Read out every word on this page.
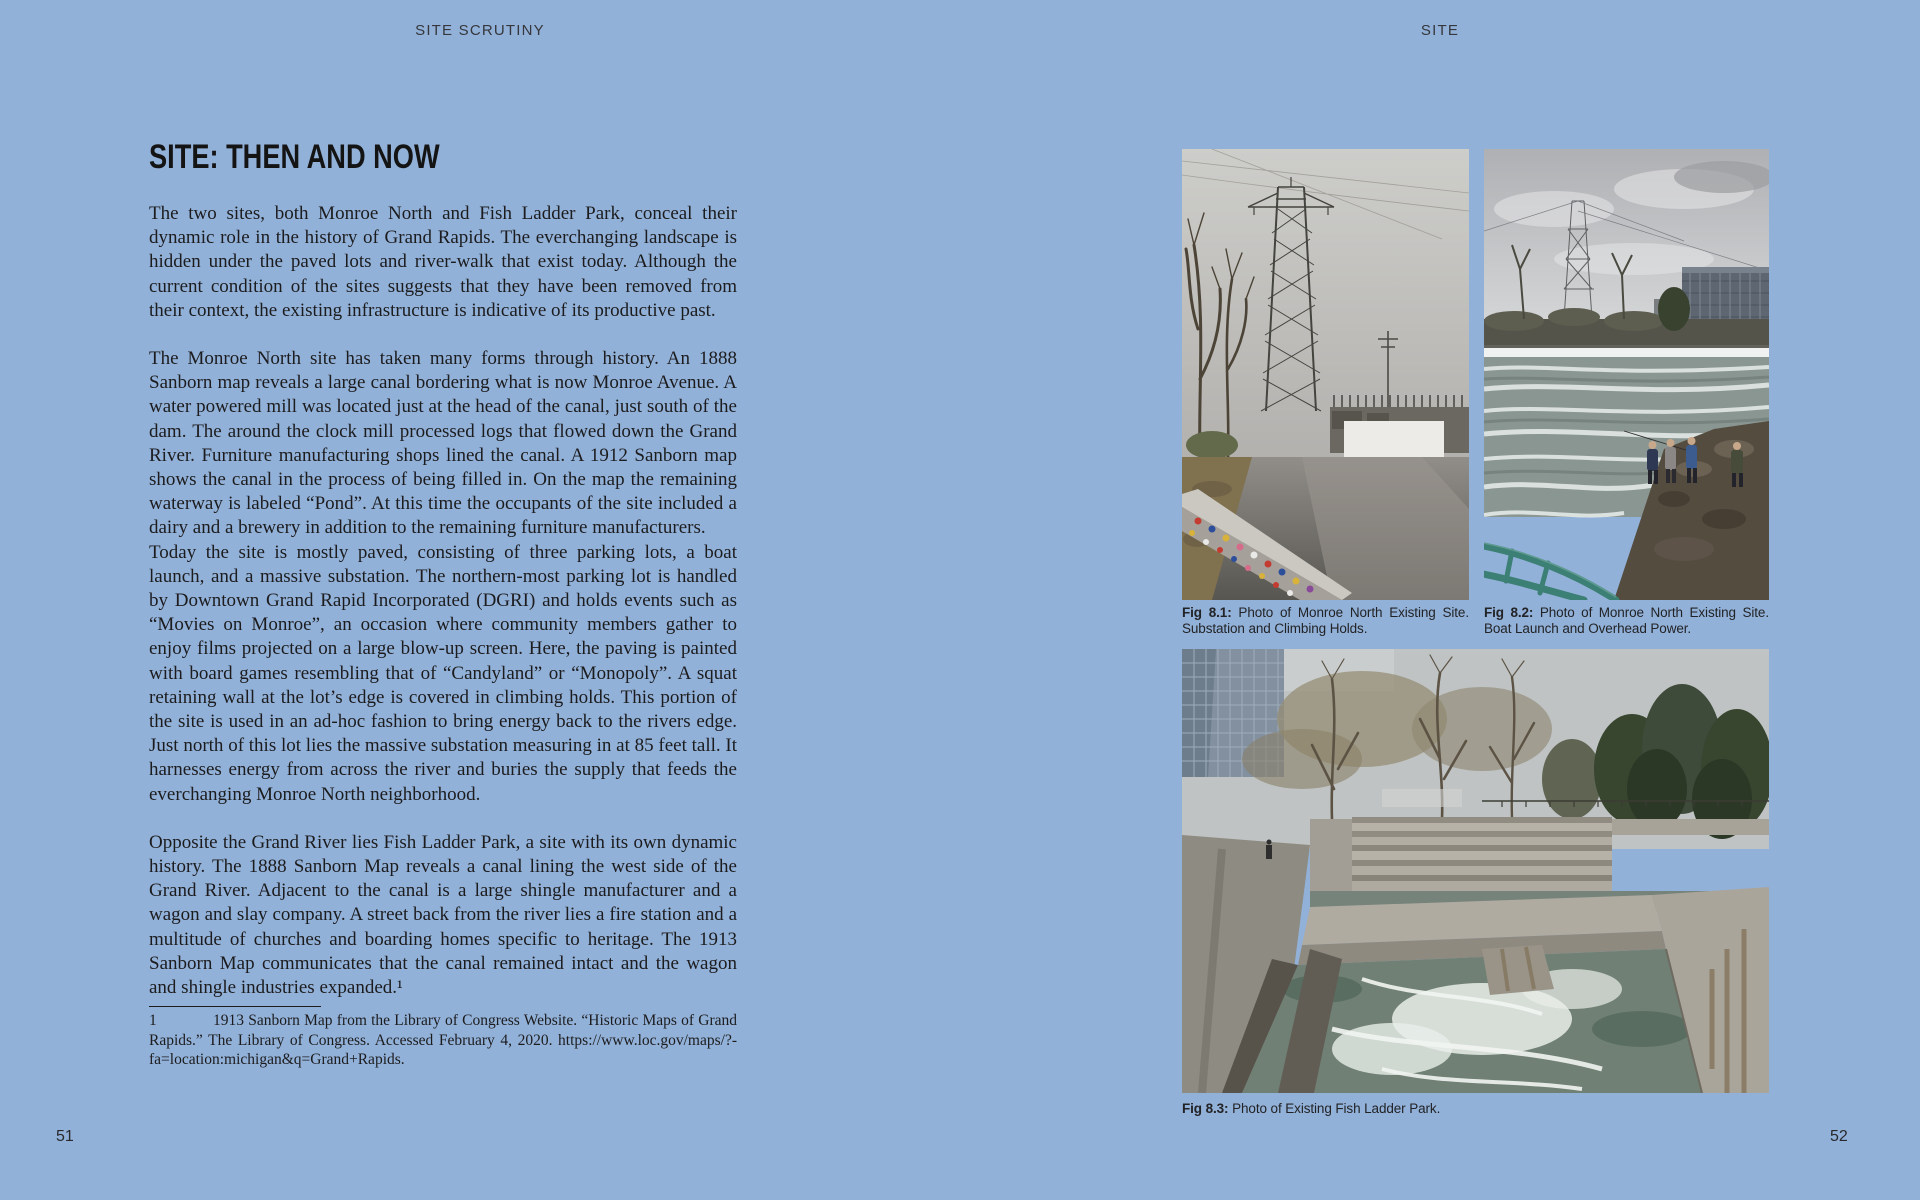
SITE SCRUTINY
SITE: THEN AND NOW

The two sites, both Monroe North and Fish Ladder Park, conceal their dynamic role in the history of Grand Rapids. The everchanging landscape is hidden under the paved lots and river-walk that exist today. Although the current condition of the sites suggests that they have been removed from their context, the existing infrastructure is indicative of its productive past.

The Monroe North site has taken many forms through history. An 1888 Sanborn map reveals a large canal bordering what is now Monroe Avenue. A water powered mill was located just at the head of the canal, just south of the dam. The around the clock mill processed logs that flowed down the Grand River. Furniture manufacturing shops lined the canal. A 1912 Sanborn map shows the canal in the process of being filled in. On the map the remaining waterway is labeled “Pond”. At this time the occupants of the site included a dairy and a brewery in addition to the remaining furniture manufacturers.

Today the site is mostly paved, consisting of three parking lots, a boat launch, and a massive substation. The northern-most parking lot is handled by Downtown Grand Rapid Incorporated (DGRI) and holds events such as “Movies on Monroe”, an occasion where community members gather to enjoy films projected on a large blow-up screen. Here, the paving is painted with board games resembling that of “Candyland” or “Monopoly”. A squat retaining wall at the lot’s edge is covered in climbing holds. This portion of the site is used in an ad-hoc fashion to bring energy back to the rivers edge. Just north of this lot lies the massive substation measuring in at 85 feet tall. It harnesses energy from across the river and buries the supply that feeds the everchanging Monroe North neighborhood.

Opposite the Grand River lies Fish Ladder Park, a site with its own dynamic history. The 1888 Sanborn Map reveals a canal lining the west side of the Grand River. Adjacent to the canal is a large shingle manufacturer and a wagon and slay company. A street back from the river lies a fire station and a multitude of churches and boarding homes specific to heritage. The 1913 Sanborn Map communicates that the canal remained intact and the wagon and shingle industries expanded.¹

1	1913 Sanborn Map from the Library of Congress Website. “Historic Maps of Grand Rapids.” The Library of Congress. Accessed February 4, 2020. https://www.loc.gov/maps/?-fa=location:michigan&q=Grand+Rapids.

51
SITE
Fig 8.1: Photo of Monroe North Existing Site. Substation and Climbing Holds.
Fig 8.2: Photo of Monroe North Existing Site. Boat Launch and Overhead Power.
Fig 8.3: Photo of Existing Fish Ladder Park.
52
